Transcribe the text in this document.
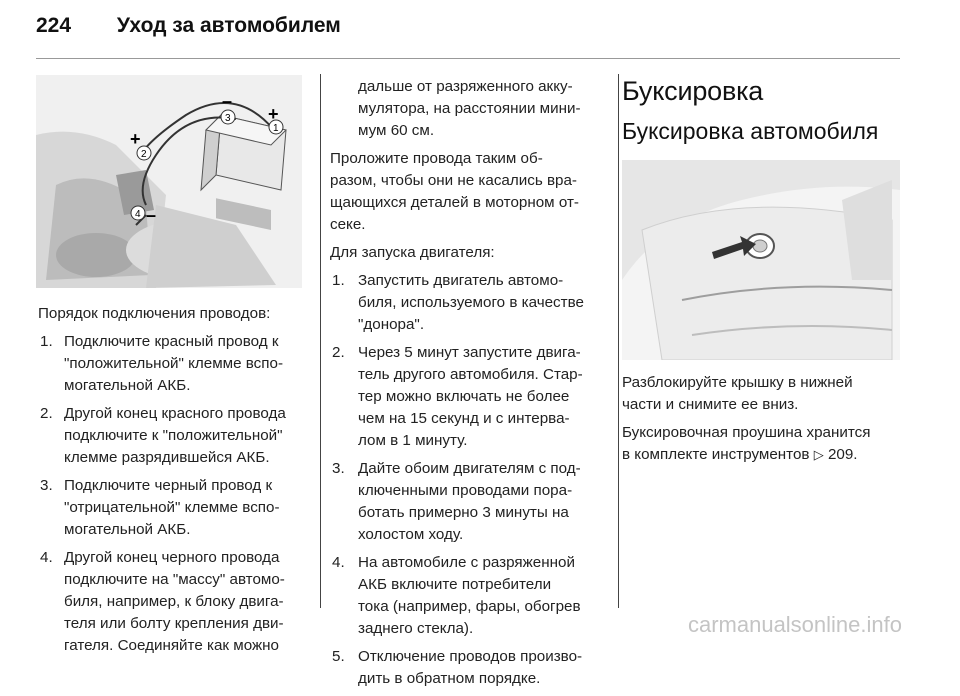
224 Уход за автомобилем
1
2
3
4
+
+
–
–

Порядок подключения проводов:

1. Подключите красный провод к
"положительной" клемме вспо-
могательной АКБ.
2. Другой конец красного провода
подключите к "положительной"
клемме разрядившейся АКБ.
3. Подключите черный провод к
"отрицательной" клемме вспо-
могательной АКБ.
4. Другой конец черного провода
подключите на "массу" автомо-
биля, например, к блоку двига-
теля или болту крепления дви-
гателя. Соединяйте как можно

дальше от разряженного акку-
мулятора, на расстоянии мини-
мум 60 см.

Проложите провода таким об-
разом, чтобы они не касались вра-
щающихся деталей в моторном от-
секе.

Для запуска двигателя:

1. Запустить двигатель автомо-
биля, используемого в качестве
"донора".
2. Через 5 минут запустите двига-
тель другого автомобиля. Стар-
тер можно включать не более
чем на 15 секунд и с интерва-
лом в 1 минуту.
3. Дайте обоим двигателям с под-
ключенными проводами пора-
ботать примерно 3 минуты на
холостом ходу.
4. На автомобиле с разряженной
АКБ включите потребители
тока (например, фары, обогрев
заднего стекла).
5. Отключение проводов произво-
дить в обратном порядке.
Буксировка
Буксировка автомобиля

Разблокируйте крышку в нижней
части и снимите ее вниз.

Буксировочная проушина хранится
в комплекте инструментов ▷ 209.

carmanualsonline.info
